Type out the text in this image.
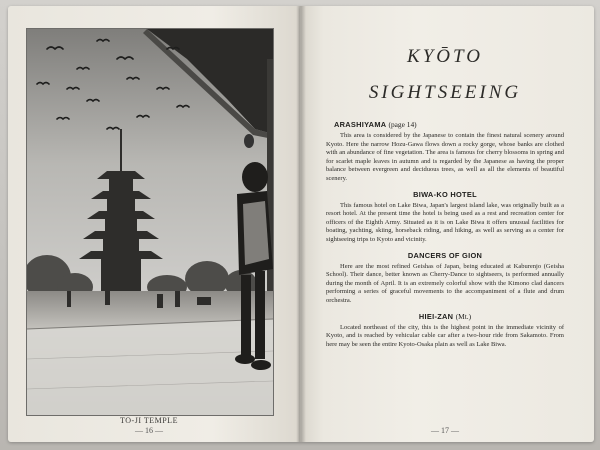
TO-JI TEMPLE
— 16 —
KYŌTO
SIGHTSEEING
ARASHIYAMA (page 14)

This area is considered by the Japanese to contain the finest natural scenery around Kyoto. Here the narrow Hozu-Gawa flows down a rocky gorge, whose banks are clothed with an abundance of fine vegetation. The area is famous for cherry blossoms in spring and for scarlet maple leaves in autumn and is regarded by the Japanese as having the proper balance between evergreen and deciduous trees, as well as all the elements of beautiful scenery.

BIWA-KO HOTEL

This famous hotel on Lake Biwa, Japan's largest island lake, was originally built as a resort hotel. At the present time the hotel is being used as a rest and recreation center for officers of the Eighth Army. Situated as it is on Lake Biwa it offers unusual facilities for boating, yachting, skiing, horseback riding, and hiking, as well as serving as a center for sightseeing trips to Kyoto and vicinity.

DANCERS OF GION

Here are the most refined Geishas of Japan, being educated at Kaburenjo (Geisha School). Their dance, better known as Cherry-Dance to sightseers, is performed annually during the month of April. It is an extremely colorful show with the Kimono clad dancers performing a series of graceful movements to the accompaniment of a flute and drum orchestra.

HIEI-ZAN (Mt.)

Located northeast of the city, this is the highest point in the immediate vicinity of Kyoto, and is reached by vehicular cable car after a two-hour ride from Sakamoto. From here may be seen the entire Kyoto-Osaka plain as well as Lake Biwa.

— 17 —
